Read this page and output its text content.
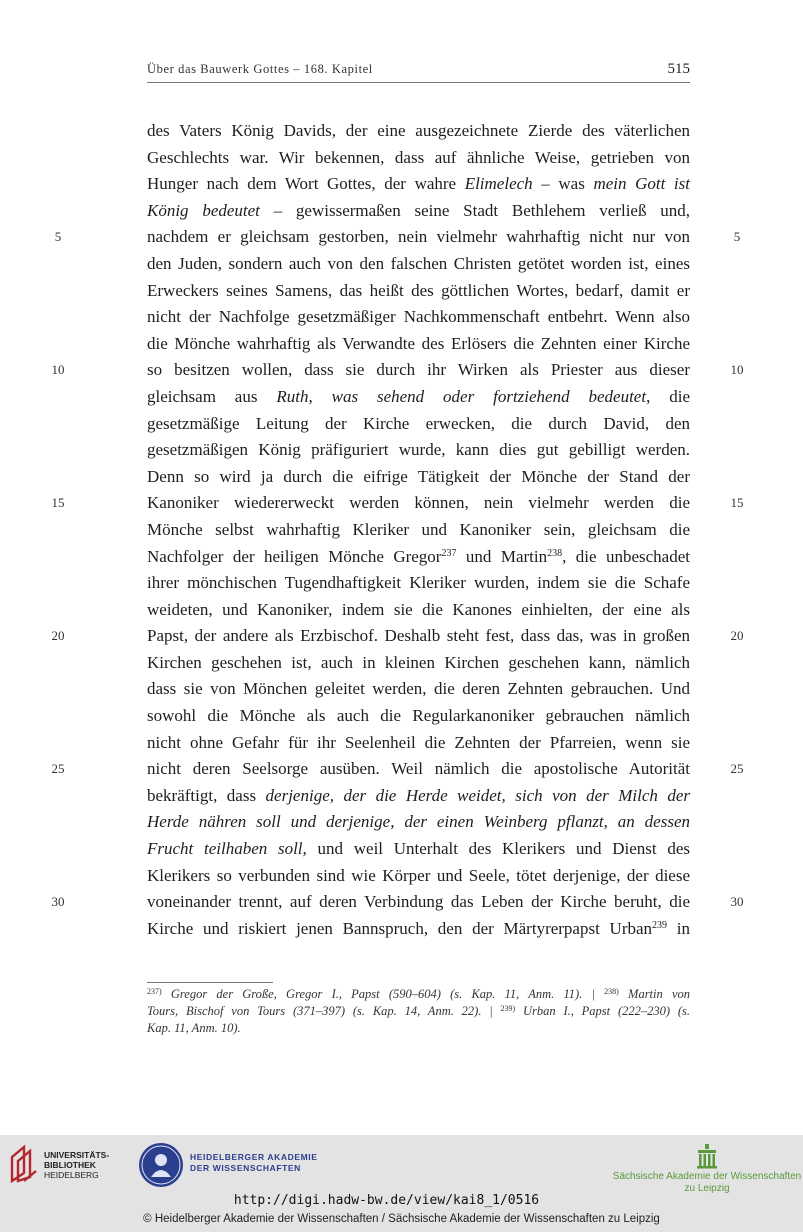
Über das Bauwerk Gottes – 168. Kapitel	515
des Vaters König Davids, der eine ausgezeichnete Zierde des väterlichen
Geschlechts war. Wir bekennen, dass auf ähnliche Weise, getrieben von
Hunger nach dem Wort Gottes, der wahre Elimelech – was mein Gott ist
König bedeutet – gewissermaßen seine Stadt Bethlehem verließ und,
nachdem er gleichsam gestorben, nein vielmehr wahrhaftig nicht nur von
den Juden, sondern auch von den falschen Christen getötet worden ist, eines
Erweckers seines Samens, das heißt des göttlichen Wortes, bedarf, damit er
nicht der Nachfolge gesetzmäßiger Nachkommenschaft entbehrt. Wenn also
die Mönche wahrhaftig als Verwandte des Erlösers die Zehnten einer Kirche
so besitzen wollen, dass sie durch ihr Wirken als Priester aus dieser
gleichsam aus Ruth, was sehend oder fortziehend bedeutet, die
gesetzmäßige Leitung der Kirche erwecken, die durch David, den
gesetzmäßigen König präfiguriert wurde, kann dies gut gebilligt werden.
Denn so wird ja durch die eifrige Tätigkeit der Mönche der Stand der
Kanoniker wiedererweckt werden können, nein vielmehr werden die
Mönche selbst wahrhaftig Kleriker und Kanoniker sein, gleichsam die
Nachfolger der heiligen Mönche Gregor$^{237}$ und Martin$^{238}$, die unbeschadet
ihrer mönchischen Tugendhaftigkeit Kleriker wurden, indem sie die Schafe
weideten, und Kanoniker, indem sie die Kanones einhielten, der eine als
Papst, der andere als Erzbischof. Deshalb steht fest, dass das, was in großen
Kirchen geschehen ist, auch in kleinen Kirchen geschehen kann, nämlich
dass sie von Mönchen geleitet werden, die deren Zehnten gebrauchen. Und
sowohl die Mönche als auch die Regularkanoniker gebrauchen nämlich
nicht ohne Gefahr für ihr Seelenheil die Zehnten der Pfarreien, wenn sie
nicht deren Seelsorge ausüben. Weil nämlich die apostolische Autorität
bekräftigt, dass derjenige, der die Herde weidet, sich von der Milch der
Herde nähren soll und derjenige, der einen Weinberg pflanzt, an dessen
Frucht teilhaben soll, und weil Unterhalt des Klerikers und Dienst des
Klerikers so verbunden sind wie Körper und Seele, tötet derjenige, der diese
voneinander trennt, auf deren Verbindung das Leben der Kirche beruht, die
Kirche und riskiert jenen Bannspruch, den der Märtyrerpapst Urban$^{239}$ in
5	5
10	10
15	15
20	20
25	25
30	30
$^{237)}$ Gregor der Große, Gregor I., Papst (590–604) (s. Kap. 11, Anm. 11). | $^{238)}$ Martin von
Tours, Bischof von Tours (371–397) (s. Kap. 14, Anm. 22). | $^{239)}$ Urban I., Papst (222–230) (s.
Kap. 11, Anm. 10).
UNIVERSITÄTS-
BIBLIOTHEK
HEIDELBERG
HEIDELBERGER AKADEMIE
DER WISSENSCHAFTEN
Sächsische Akademie der Wissenschaften
zu Leipzig
http://digi.hadw-bw.de/view/kai8_1/0516
© Heidelberger Akademie der Wissenschaften / Sächsische Akademie der Wissenschaften zu Leipzig
